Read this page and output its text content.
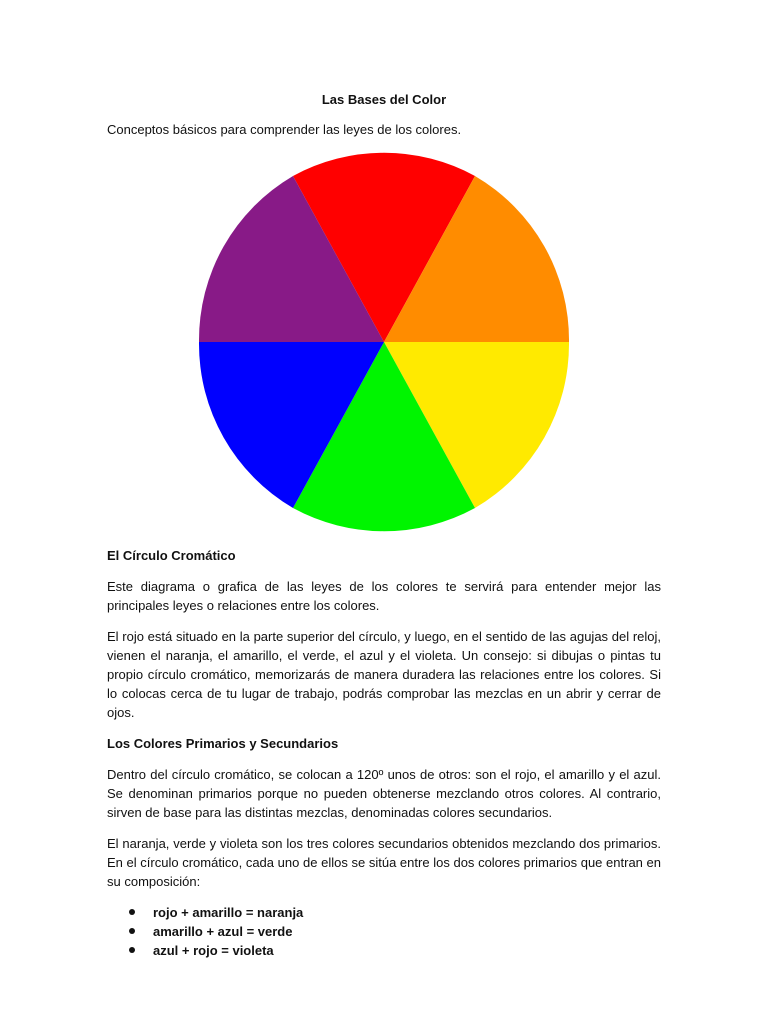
Las Bases del Color
Conceptos básicos para comprender las leyes de los colores.
El Círculo Cromático

Este diagrama o grafica de las leyes de los colores te servirá para entender mejor las principales leyes o relaciones entre los colores.

El rojo está situado en la parte superior del círculo, y luego, en el sentido de las agujas del reloj, vienen el naranja, el amarillo, el verde, el azul y el violeta. Un consejo: si dibujas o pintas tu propio círculo cromático, memorizarás de manera duradera las relaciones entre los colores. Si lo colocas cerca de tu lugar de trabajo, podrás comprobar las mezclas en un abrir y cerrar de ojos.

Los Colores Primarios y Secundarios

Dentro del círculo cromático, se colocan a 120º unos de otros: son el rojo, el amarillo y el azul. Se denominan primarios porque no pueden obtenerse mezclando otros colores. Al contrario, sirven de base para las distintas mezclas, denominadas colores secundarios.

El naranja, verde y violeta son los tres colores secundarios obtenidos mezclando dos primarios. En el círculo cromático, cada uno de ellos se sitúa entre los dos colores primarios que entran en su composición:

rojo + amarillo = naranja
amarillo + azul = verde
azul + rojo = violeta
